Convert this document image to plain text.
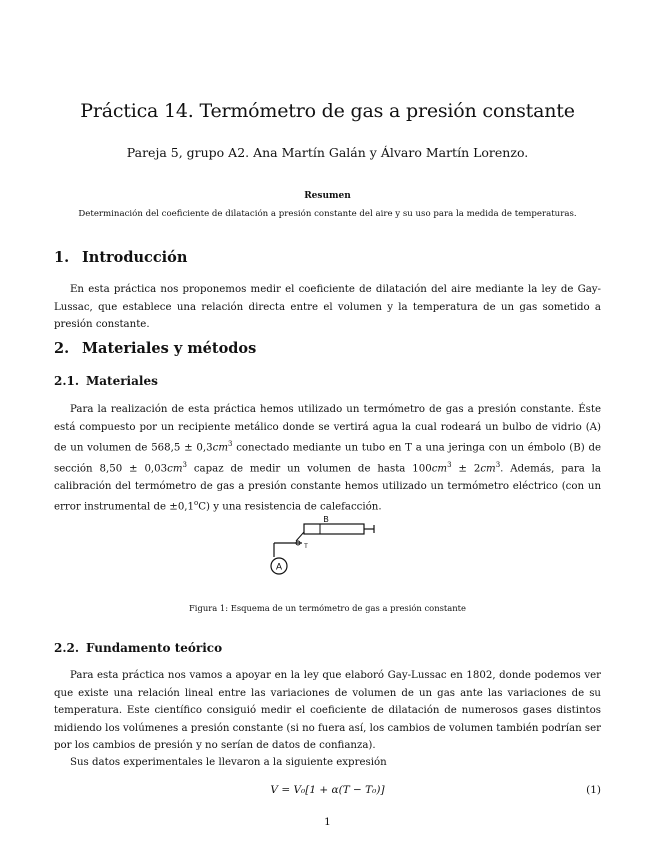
Práctica 14. Termómetro de gas a presión constante
Pareja 5, grupo A2. Ana Martín Galán y Álvaro Martín Lorenzo.
Resumen
Determinación del coeficiente de dilatación a presión constante del aire y su uso para la medida de temperaturas.
1. Introducción
En esta práctica nos proponemos medir el coeficiente de dilatación del aire mediante la ley de Gay-Lussac, que establece una relación directa entre el volumen y la temperatura de un gas sometido a presión constante.
2. Materiales y métodos
2.1. Materiales
Para la realización de esta práctica hemos utilizado un termómetro de gas a presión constante. Éste está compuesto por un recipiente metálico donde se vertirá agua la cual rodeará un bulbo de vidrio (A) de un volumen de $568,5 \pm 0,3cm^3$ conectado mediante un tubo en T a una jeringa con un émbolo (B) de sección $8,50 \pm 0,03cm^3$ capaz de medir un volumen de hasta $100cm^3 \pm 2cm^3$. Además, para la calibración del termómetro de gas a presión constante hemos utilizado un termómetro eléctrico (con un error instrumental de $\pm 0,1^oC$) y una resistencia de calefacción.
A
B
T
Figura 1: Esquema de un termómetro de gas a presión constante
2.2. Fundamento teórico
Para esta práctica nos vamos a apoyar en la ley que elaboró Gay-Lussac en 1802, donde podemos ver que existe una relación lineal entre las variaciones de volumen de un gas ante las variaciones de su temperatura. Este científico consiguió medir el coeficiente de dilatación de numerosos gases distintos midiendo los volúmenes a presión constante (si no fuera así, los cambios de volumen también podrían ser por los cambios de presión y no serían de datos de confianza).
Sus datos experimentales le llevaron a la siguiente expresión
V = V₀[1 + α(T − T₀)]	(1)
1
